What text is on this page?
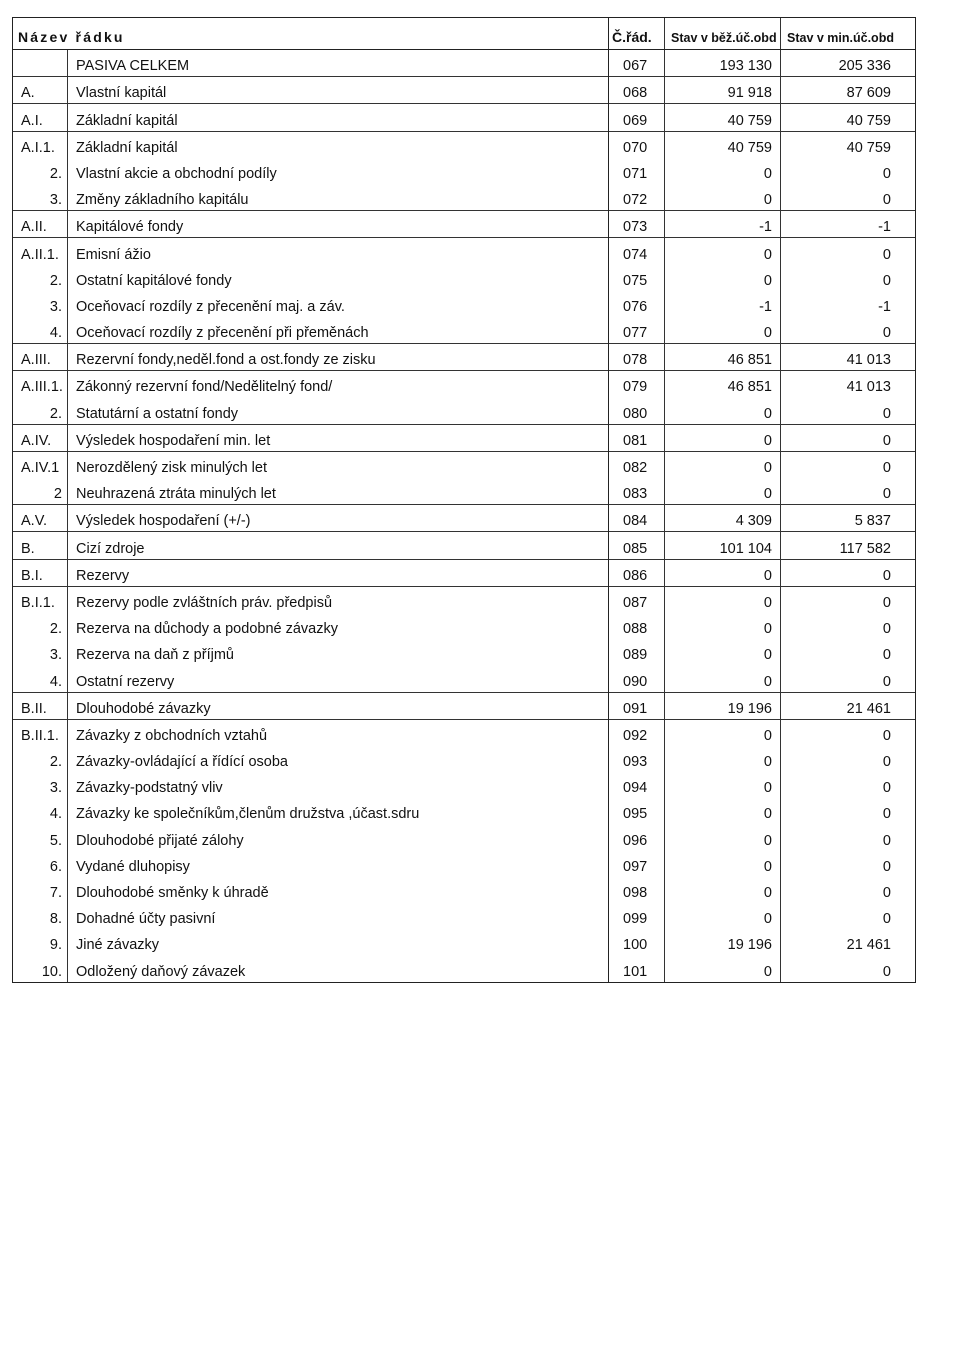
Název řádku		Č.řád.	Stav v běž.úč.obd	Stav v min.úč.obd
	PASIVA CELKEM	067	193 130	205 336
A.	Vlastní kapitál	068	91 918	87 609
A.I.	Základní kapitál	069	40 759	40 759
A.I.1.	Základní kapitál	070	40 759	40 759
2.	Vlastní akcie a obchodní podíly	071	0	0
3.	Změny základního kapitálu	072	0	0
A.II.	Kapitálové fondy	073	-1	-1
A.II.1.	Emisní ážio	074	0	0
2.	Ostatní kapitálové fondy	075	0	0
3.	Oceňovací rozdíly z přecenění maj. a záv.	076	-1	-1
4.	Oceňovací rozdíly z přecenění při přeměnách	077	0	0
A.III.	Rezervní fondy,neděl.fond a ost.fondy ze zisku	078	46 851	41 013
A.III.1.	Zákonný rezervní fond/Nedělitelný fond/	079	46 851	41 013
2.	Statutární a ostatní fondy	080	0	0
A.IV.	Výsledek hospodaření min. let	081	0	0
A.IV.1	Nerozdělený zisk minulých let	082	0	0
2	Neuhrazená ztráta minulých let	083	0	0
A.V.	Výsledek hospodaření (+/-)	084	4 309	5 837
B.	Cizí zdroje	085	101 104	117 582
B.I.	Rezervy	086	0	0
B.I.1.	Rezervy podle zvláštních práv. předpisů	087	0	0
2.	Rezerva na důchody a podobné závazky	088	0	0
3.	Rezerva na daň z příjmů	089	0	0
4.	Ostatní rezervy	090	0	0
B.II.	Dlouhodobé závazky	091	19 196	21 461
B.II.1.	Závazky z obchodních vztahů	092	0	0
2.	Závazky-ovládající a řídící osoba	093	0	0
3.	Závazky-podstatný vliv	094	0	0
4.	Závazky ke společníkům,členům družstva ,účast.sdru	095	0	0
5.	Dlouhodobé přijaté zálohy	096	0	0
6.	Vydané dluhopisy	097	0	0
7.	Dlouhodobé směnky k úhradě	098	0	0
8.	Dohadné účty pasivní	099	0	0
9.	Jiné závazky	100	19 196	21 461
10.	Odložený daňový závazek	101	0	0
